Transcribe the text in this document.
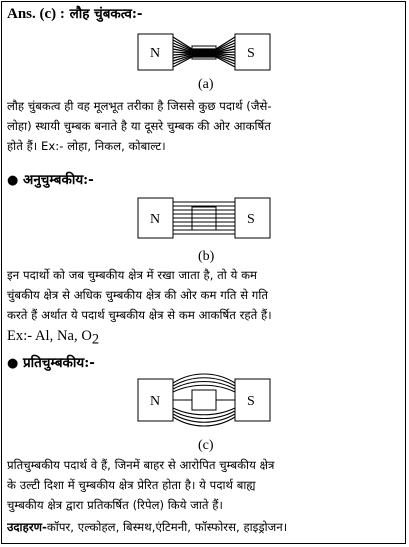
Ans. (c) : लौह चुंबकत्व:-
N	S
(a)
लौह चुंबकत्व ही वह मूलभूत तरीका है जिससे कुछ पदार्थ (जैसे-
लोहा) स्थायी चुम्बक बनाते है या दूसरे चुम्बक की ओर आकर्षित
होते हैं। Ex:- लोहा, निकल, कोबाल्ट।
● अनुचुम्बकीय:-
N	S
(b)
इन पदार्थो को जब चुम्बकीय क्षेत्र में रखा जाता है, तो ये कम
चुंबकीय क्षेत्र से अधिक चुम्बकीय क्षेत्र की ओर कम गति से गति
करते हैं अर्थात ये पदार्थ चुम्बकीय क्षेत्र से कम आकर्षित रहते हैं।
Ex:- Al, Na, $O_2$
● प्रतिचुम्बकीय:-
N	S
(c)
प्रतिचुम्बकीय पदार्थ वे हैं, जिनमें बाहर से आरोपित चुम्बकीय क्षेत्र
के उल्टी दिशा में चुम्बकीय क्षेत्र प्रेरित होता है। ये पदार्थ बाह्य
चुम्बकीय क्षेत्र द्वारा प्रतिकर्षित (रिपेल) किये जाते हैं।
उदाहरण-कॉपर, एल्कोहल, बिस्मथ,एंटिमनी, फॉस्फोरस, हाइड्रोजन।
